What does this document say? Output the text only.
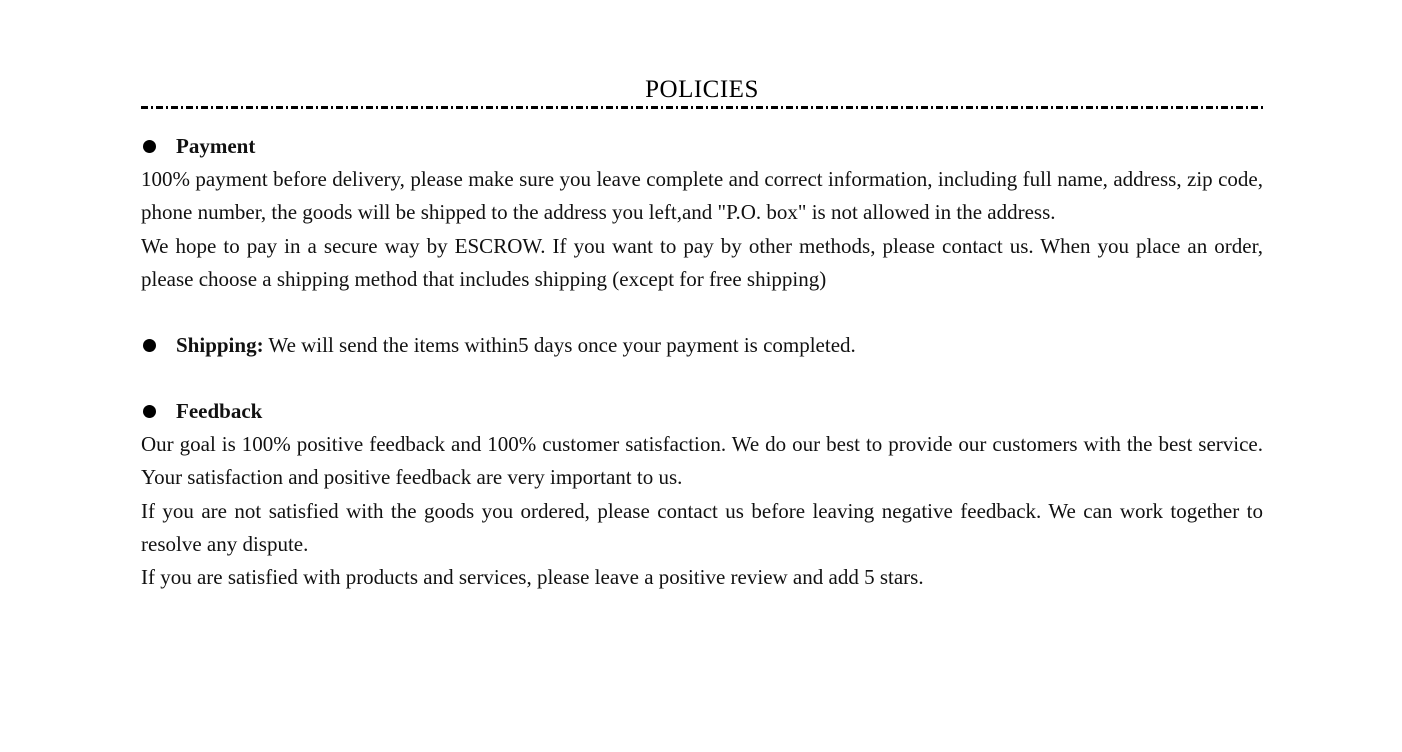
POLICIES
Payment

100% payment before delivery, please make sure you leave complete and correct information, including full name, address, zip code, phone number, the goods will be shipped to the address you left,and "P.O. box" is not allowed in the address.

We hope to pay in a secure way by ESCROW. If you want to pay by other methods, please contact us. When you place an order, please choose a shipping method that includes shipping (except for free shipping)

Shipping: We will send the items within5 days once your payment is completed.
Feedback

Our goal is 100% positive feedback and 100% customer satisfaction. We do our best to provide our customers with the best service. Your satisfaction and positive feedback are very important to us.

If you are not satisfied with the goods you ordered, please contact us before leaving negative feedback. We can work together to resolve any dispute.

If you are satisfied with products and services, please leave a positive review and add 5 stars.
